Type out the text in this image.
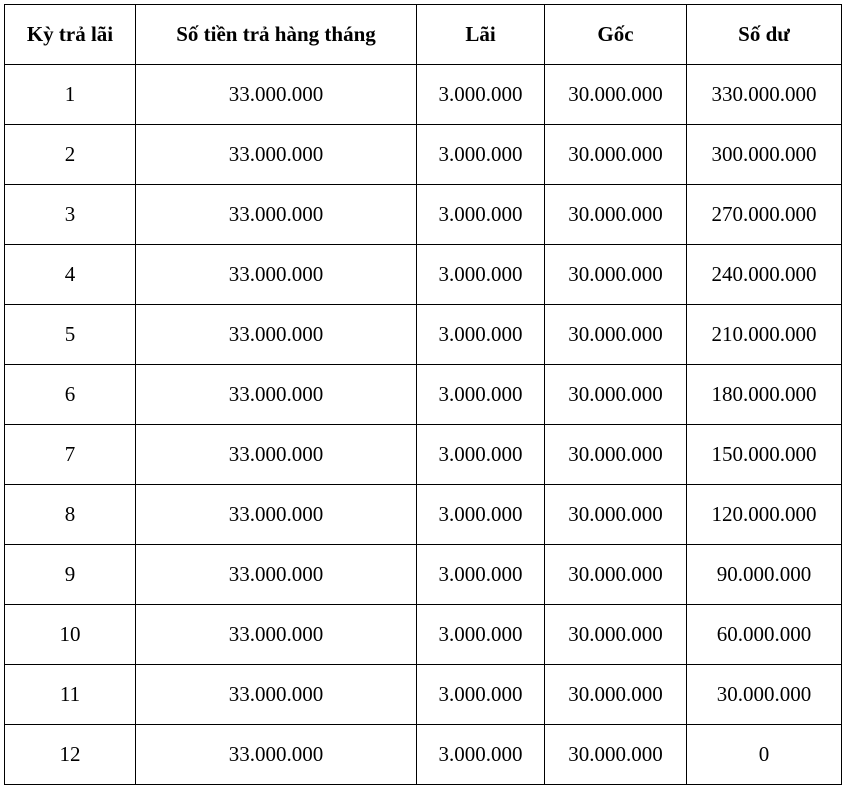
Kỳ trả lãi	Số tiền trả hàng tháng	Lãi	Gốc	Số dư
1	33.000.000	3.000.000	30.000.000	330.000.000
2	33.000.000	3.000.000	30.000.000	300.000.000
3	33.000.000	3.000.000	30.000.000	270.000.000
4	33.000.000	3.000.000	30.000.000	240.000.000
5	33.000.000	3.000.000	30.000.000	210.000.000
6	33.000.000	3.000.000	30.000.000	180.000.000
7	33.000.000	3.000.000	30.000.000	150.000.000
8	33.000.000	3.000.000	30.000.000	120.000.000
9	33.000.000	3.000.000	30.000.000	90.000.000
10	33.000.000	3.000.000	30.000.000	60.000.000
11	33.000.000	3.000.000	30.000.000	30.000.000
12	33.000.000	3.000.000	30.000.000	0
